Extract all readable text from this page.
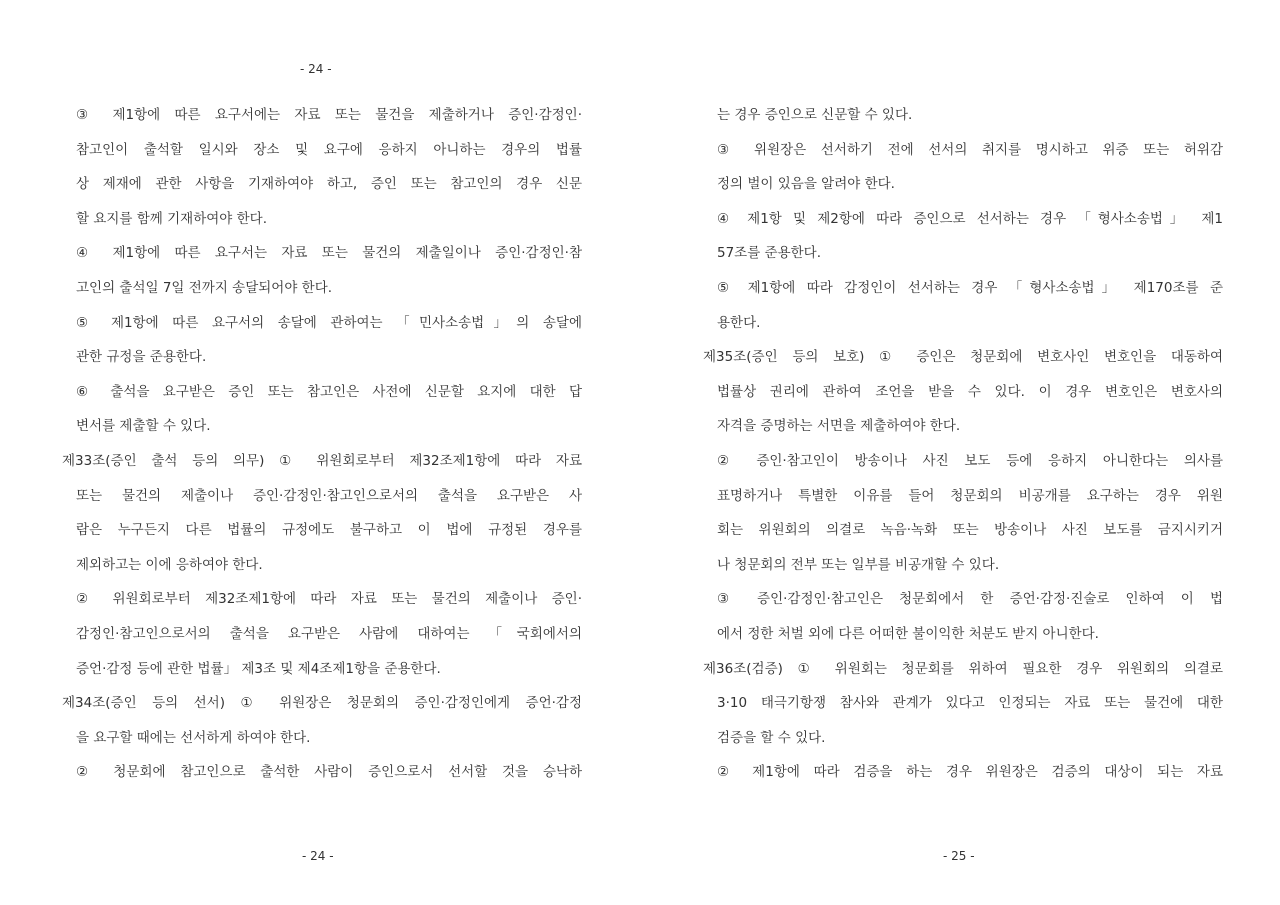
- 24 -
③ 제1항에 따른 요구서에는 자료 또는 물건을 제출하거나 증인·감정인·
참고인이 출석할 일시와 장소 및 요구에 응하지 아니하는 경우의 법률
상 제재에 관한 사항을 기재하여야 하고, 증인 또는 참고인의 경우 신문
할 요지를 함께 기재하여야 한다.
④ 제1항에 따른 요구서는 자료 또는 물건의 제출일이나 증인·감정인·참
고인의 출석일 7일 전까지 송달되어야 한다.
⑤ 제1항에 따른 요구서의 송달에 관하여는 「민사소송법」의 송달에
관한 규정을 준용한다.
⑥ 출석을 요구받은 증인 또는 참고인은 사전에 신문할 요지에 대한 답
변서를 제출할 수 있다.
제33조(증인 출석 등의 의무) ① 위원회로부터 제32조제1항에 따라 자료
또는 물건의 제출이나 증인·감정인·참고인으로서의 출석을 요구받은 사
람은 누구든지 다른 법률의 규정에도 불구하고 이 법에 규정된 경우를
제외하고는 이에 응하여야 한다.
② 위원회로부터 제32조제1항에 따라 자료 또는 물건의 제출이나 증인·
감정인·참고인으로서의 출석을 요구받은 사람에 대하여는 「국회에서의
증언·감정 등에 관한 법률」 제3조 및 제4조제1항을 준용한다.
제34조(증인 등의 선서) ① 위원장은 청문회의 증인·감정인에게 증언·감정
을 요구할 때에는 선서하게 하여야 한다.
② 청문회에 참고인으로 출석한 사람이 증인으로서 선서할 것을 승낙하
는 경우 증인으로 신문할 수 있다.
③ 위원장은 선서하기 전에 선서의 취지를 명시하고 위증 또는 허위감
정의 벌이 있음을 알려야 한다.
④ 제1항 및 제2항에 따라 증인으로 선서하는 경우 「형사소송법」 제1
57조를 준용한다.
⑤ 제1항에 따라 감정인이 선서하는 경우 「형사소송법」 제170조를 준
용한다.
제35조(증인 등의 보호) ① 증인은 청문회에 변호사인 변호인을 대동하여
법률상 권리에 관하여 조언을 받을 수 있다. 이 경우 변호인은 변호사의
자격을 증명하는 서면을 제출하여야 한다.
② 증인·참고인이 방송이나 사진 보도 등에 응하지 아니한다는 의사를
표명하거나 특별한 이유를 들어 청문회의 비공개를 요구하는 경우 위원
회는 위원회의 의결로 녹음·녹화 또는 방송이나 사진 보도를 금지시키거
나 청문회의 전부 또는 일부를 비공개할 수 있다.
③ 증인·감정인·참고인은 청문회에서 한 증언·감정·진술로 인하여 이 법
에서 정한 처벌 외에 다른 어떠한 불이익한 처분도 받지 아니한다.
제36조(검증) ① 위원회는 청문회를 위하여 필요한 경우 위원회의 의결로
3·10 태극기항쟁 참사와 관계가 있다고 인정되는 자료 또는 물건에 대한
검증을 할 수 있다.
② 제1항에 따라 검증을 하는 경우 위원장은 검증의 대상이 되는 자료
- 24 -	- 25 -
